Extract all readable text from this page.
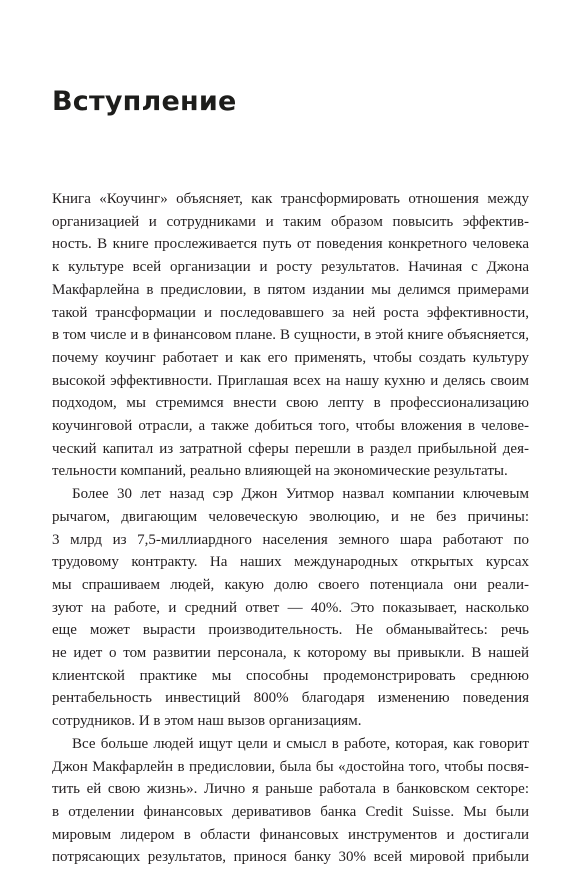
Вступление

Книга «Коучинг» объясняет, как трансформировать отношения между
организацией и сотрудниками и таким образом повысить эффектив-
ность. В книге прослеживается путь от поведения конкретного человека
к культуре всей организации и росту результатов. Начиная с Джона
Макфарлейна в предисловии, в пятом издании мы делимся примерами
такой трансформации и последовавшего за ней роста эффективности,
в том числе и в финансовом плане. В сущности, в этой книге объясняется,
почему коучинг работает и как его применять, чтобы создать культуру
высокой эффективности. Приглашая всех на нашу кухню и делясь своим
подходом, мы стремимся внести свою лепту в профессионализацию
коучинговой отрасли, а также добиться того, чтобы вложения в челове-
ческий капитал из затратной сферы перешли в раздел прибыльной дея-
тельности компаний, реально влияющей на экономические результаты.

Более 30 лет назад сэр Джон Уитмор назвал компании ключевым
рычагом, двигающим человеческую эволюцию, и не без причины:
3 млрд из 7,5-миллиардного населения земного шара работают по
трудовому контракту. На наших международных открытых курсах
мы спрашиваем людей, какую долю своего потенциала они реали-
зуют на работе, и средний ответ — 40%. Это показывает, насколько
еще может вырасти производительность. Не обманывайтесь: речь
не идет о том развитии персонала, к которому вы привыкли. В нашей
клиентской практике мы способны продемонстрировать среднюю
рентабельность инвестиций 800% благодаря изменению поведения
сотрудников. И в этом наш вызов организациям.

Все больше людей ищут цели и смысл в работе, которая, как говорит
Джон Макфарлейн в предисловии, была бы «достойна того, чтобы посвя-
тить ей свою жизнь». Лично я раньше работала в банковском секторе:
в отделении финансовых деривативов банка Credit Suisse. Мы были
мировым лидером в области финансовых инструментов и достигали
потрясающих результатов, принося банку 30% всей мировой прибыли
